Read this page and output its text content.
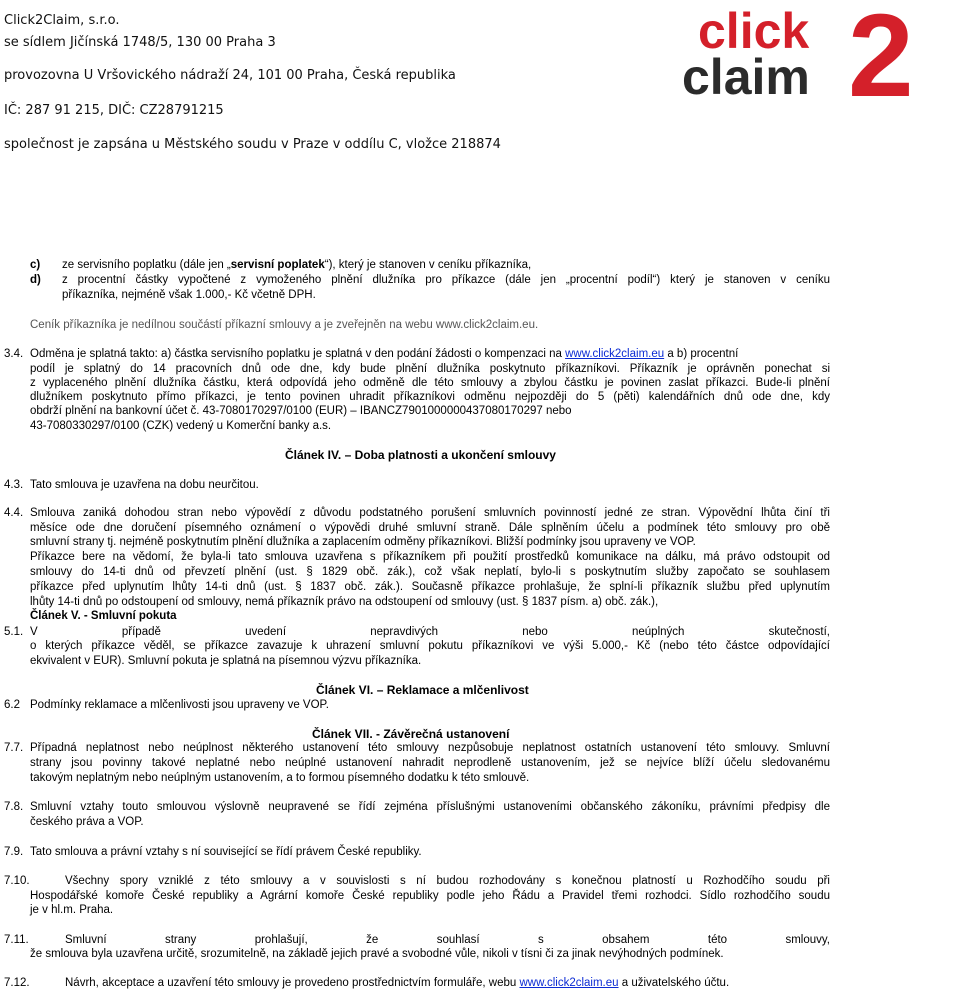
Click2Claim, s.r.o.
se sídlem Jičínská 1748/5, 130 00 Praha 3
provozovna U Vršovického nádraží 24, 101 00 Praha, Česká republika
IČ: 287 91 215, DIČ: CZ28791215
společnost je zapsána u Městského soudu v Praze v oddílu C, vložce 218874
click
claim 2
c) ze servisního poplatku (dále jen „servisní poplatek“), který je stanoven v ceníku příkazníka,
d) z procentní částky vypočtené z vymoženého plnění dlužníka pro příkazce (dále jen „procentní podíl“) který je stanoven v ceníku
příkazníka, nejméně však 1.000,- Kč včetně DPH.
Ceník příkazníka je nedílnou součástí příkazní smlouvy a je zveřejněn na webu www.click2claim.eu.
3.4. Odměna je splatná takto: a) částka servisního poplatku je splatná v den podání žádosti o kompenzaci na www.click2claim.eu a b) procentní
podíl je splatný do 14 pracovních dnů ode dne, kdy bude plnění dlužníka poskytnuto příkazníkovi. Příkazník je oprávněn ponechat si
z vyplaceného plnění dlužníka částku, která odpovídá jeho odměně dle této smlouvy a zbylou částku je povinen zaslat příkazci. Bude-li plnění
dlužníkem poskytnuto přímo příkazci, je tento povinen uhradit příkazníkovi odměnu nejpozději do 5 (pěti) kalendářních dnů ode dne, kdy
obdrží plnění na bankovní účet č. 43-7080170297/0100 (EUR) – IBANCZ7901000000437080170297 nebo
43-7080330297/0100 (CZK) vedený u Komerční banky a.s.
Článek IV. – Doba platnosti a ukončení smlouvy
4.3. Tato smlouva je uzavřena na dobu neurčitou.
4.4. Smlouva zaniká dohodou stran nebo výpovědí z důvodu podstatného porušení smluvních povinností jedné ze stran. Výpovědní lhůta činí tři
měsíce ode dne doručení písemného oznámení o výpovědi druhé smluvní straně. Dále splněním účelu a podmínek této smlouvy pro obě
smluvní strany tj. nejméně poskytnutím plnění dlužníka a zaplacením odměny příkazníkovi. Bližší podmínky jsou upraveny ve VOP.
Příkazce bere na vědomí, že byla-li tato smlouva uzavřena s příkazníkem při použití prostředků komunikace na dálku, má právo odstoupit od
smlouvy do 14-ti dnů od převzetí plnění (ust. § 1829 obč. zák.), což však neplatí, bylo-li s poskytnutím služby započato se souhlasem
příkazce před uplynutím lhůty 14-ti dnů (ust. § 1837 obč. zák.). Současně příkazce prohlašuje, že splní-li příkazník službu před uplynutím
lhůty 14-ti dnů po odstoupení od smlouvy, nemá příkazník právo na odstoupení od smlouvy (ust. § 1837 písm. a) obč. zák.),
Článek V. - Smluvní pokuta
5.1. V případě uvedení nepravdivých nebo neúplných skutečností,
o kterých příkazce věděl, se příkazce zavazuje k uhrazení smluvní pokutu příkazníkovi ve výši 5.000,- Kč (nebo této částce odpovídající
ekvivalent v EUR). Smluvní pokuta je splatná na písemnou výzvu příkazníka.
Článek VI. – Reklamace a mlčenlivost
6.2 Podmínky reklamace a mlčenlivosti jsou upraveny ve VOP.
Článek VII. - Závěrečná ustanovení
7.7. Případná neplatnost nebo neúplnost některého ustanovení této smlouvy nezpůsobuje neplatnost ostatních ustanovení této smlouvy. Smluvní
strany jsou povinny takové neplatné nebo neúplné ustanovení nahradit neprodleně ustanovením, jež se nejvíce blíží účelu sledovanému
takovým neplatným nebo neúplným ustanovením, a to formou písemného dodatku k této smlouvě.
7.8. Smluvní vztahy touto smlouvou výslovně neupravené se řídí zejména příslušnými ustanoveními občanského zákoníku, právními předpisy dle
českého práva a VOP.
7.9. Tato smlouva a právní vztahy s ní související se řídí právem České republiky.
7.10.	Všechny spory vzniklé z této smlouvy a v souvislosti s ní budou rozhodovány s konečnou platností u Rozhodčího soudu při
Hospodářské komoře České republiky a Agrární komoře České republiky podle jeho Řádu a Pravidel třemi rozhodci. Sídlo rozhodčího soudu
je v hl.m. Praha.
7.11.	Smluvní strany prohlašují, že souhlasí s obsahem této smlouvy,
že smlouva byla uzavřena určitě, srozumitelně, na základě jejich pravé a svobodné vůle, nikoli v tísni či za jinak nevýhodných podmínek.
7.12.	Návrh, akceptace a uzavření této smlouvy je provedeno prostřednictvím formuláře, webu www.click2claim.eu a uživatelského účtu.
